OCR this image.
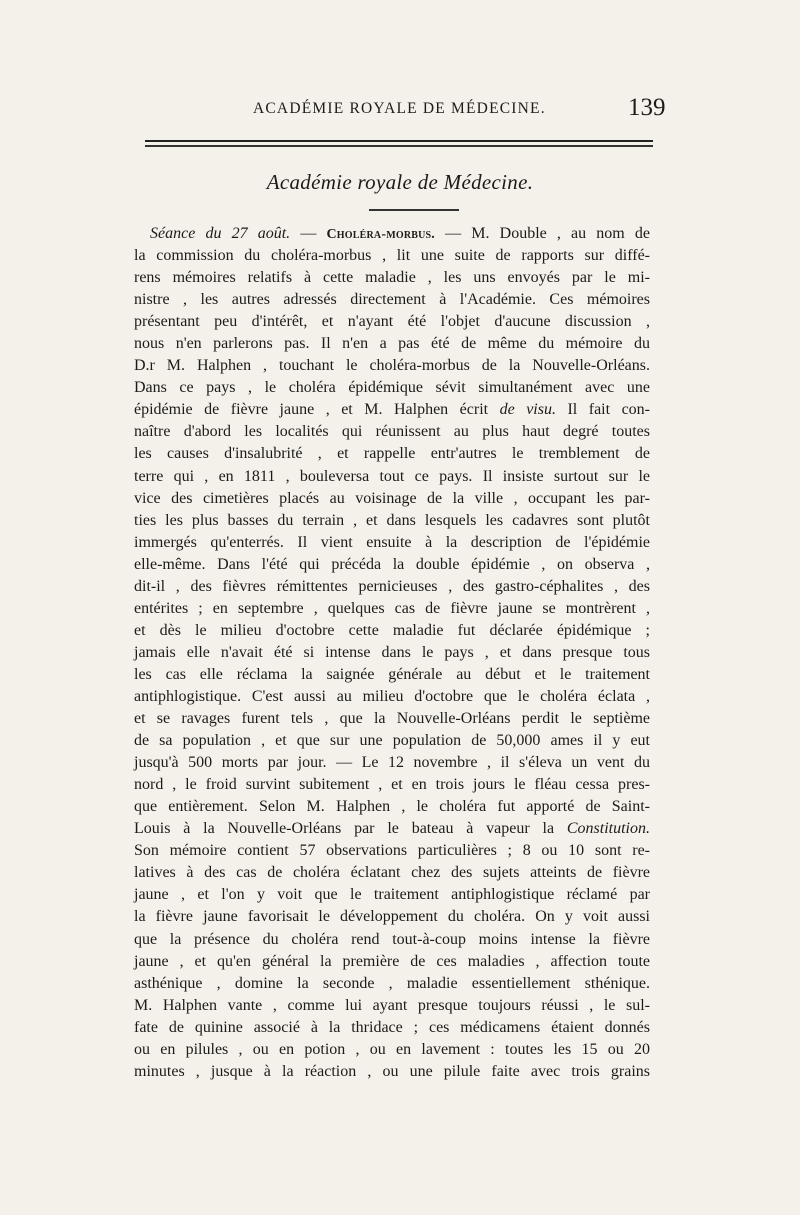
ACADÉMIE ROYALE DE MÉDECINE.	139
Académie royale de Médecine.
Séance du 27 août. — Choléra-morbus. — M. Double , au nom de
la commission du choléra-morbus , lit une suite de rapports sur diffé-
rens mémoires relatifs à cette maladie , les uns envoyés par le mi-
nistre , les autres adressés directement à l'Académie. Ces mémoires
présentant peu d'intérêt, et n'ayant été l'objet d'aucune discussion ,
nous n'en parlerons pas. Il n'en a pas été de même du mémoire du
D.r M. Halphen , touchant le choléra-morbus de la Nouvelle-Orléans.
Dans ce pays , le choléra épidémique sévit simultanément avec une
épidémie de fièvre jaune , et M. Halphen écrit de visu. Il fait con-
naître d'abord les localités qui réunissent au plus haut degré toutes
les causes d'insalubrité , et rappelle entr'autres le tremblement de
terre qui , en 1811 , bouleversa tout ce pays. Il insiste surtout sur le
vice des cimetières placés au voisinage de la ville , occupant les par-
ties les plus basses du terrain , et dans lesquels les cadavres sont plutôt
immergés qu'enterrés. Il vient ensuite à la description de l'épidémie
elle-même. Dans l'été qui précéda la double épidémie , on observa ,
dit-il , des fièvres rémittentes pernicieuses , des gastro-céphalites , des
entérites ; en septembre , quelques cas de fièvre jaune se montrèrent ,
et dès le milieu d'octobre cette maladie fut déclarée épidémique ;
jamais elle n'avait été si intense dans le pays , et dans presque tous
les cas elle réclama la saignée générale au début et le traitement
antiphlogistique. C'est aussi au milieu d'octobre que le choléra éclata ,
et se ravages furent tels , que la Nouvelle-Orléans perdit le septième
de sa population , et que sur une population de 50,000 ames il y eut
jusqu'à 500 morts par jour. — Le 12 novembre , il s'éleva un vent du
nord , le froid survint subitement , et en trois jours le fléau cessa pres-
que entièrement. Selon M. Halphen , le choléra fut apporté de Saint-
Louis à la Nouvelle-Orléans par le bateau à vapeur la Constitution.
Son mémoire contient 57 observations particulières ; 8 ou 10 sont re-
latives à des cas de choléra éclatant chez des sujets atteints de fièvre
jaune , et l'on y voit que le traitement antiphlogistique réclamé par
la fièvre jaune favorisait le développement du choléra. On y voit aussi
que la présence du choléra rend tout-à-coup moins intense la fièvre
jaune , et qu'en général la première de ces maladies , affection toute
asthénique , domine la seconde , maladie essentiellement sthénique.
M. Halphen vante , comme lui ayant presque toujours réussi , le sul-
fate de quinine associé à la thridace ; ces médicamens étaient donnés
ou en pilules , ou en potion , ou en lavement : toutes les 15 ou 20
minutes , jusque à la réaction , ou une pilule faite avec trois grains
